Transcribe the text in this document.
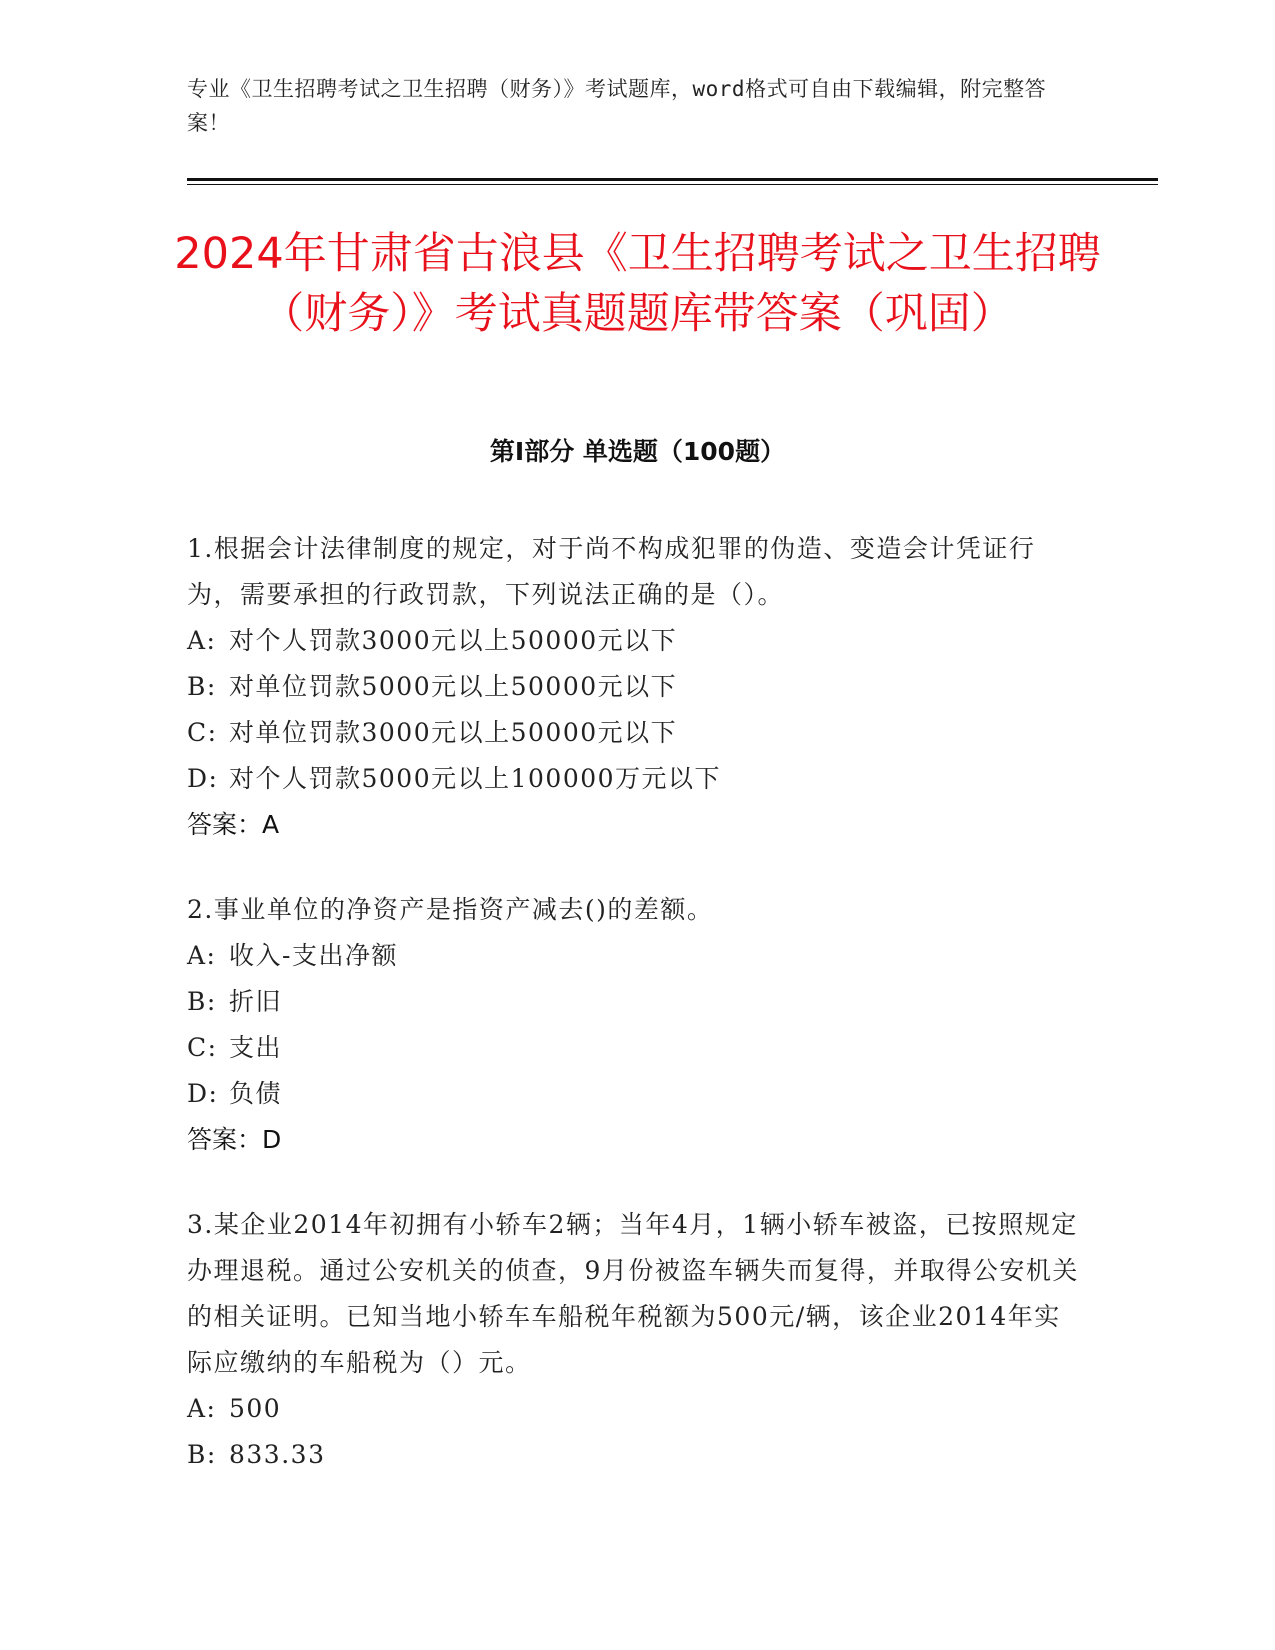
专业《卫生招聘考试之卫生招聘（财务）》考试题库，word格式可自由下载编辑，附完整答案！
2024年甘肃省古浪县《卫生招聘考试之卫生招聘（财务）》考试真题题库带答案（巩固）
第I部分 单选题（100题）

1.根据会计法律制度的规定，对于尚不构成犯罪的伪造、变造会计凭证行为，需要承担的行政罚款，下列说法正确的是（）。

A: 对个人罚款3000元以上50000元以下
B: 对单位罚款5000元以上50000元以下
C: 对单位罚款3000元以上50000元以下
D: 对个人罚款5000元以上100000万元以下

答案：A

2.事业单位的净资产是指资产减去()的差额。

A: 收入-支出净额
B: 折旧
C: 支出
D: 负债

答案：D

3.某企业2014年初拥有小轿车2辆；当年4月，1辆小轿车被盗，已按照规定办理退税。通过公安机关的侦查，9月份被盗车辆失而复得，并取得公安机关的相关证明。已知当地小轿车车船税年税额为500元/辆，该企业2014年实际应缴纳的车船税为（）元。

A: 500
B: 833.33
